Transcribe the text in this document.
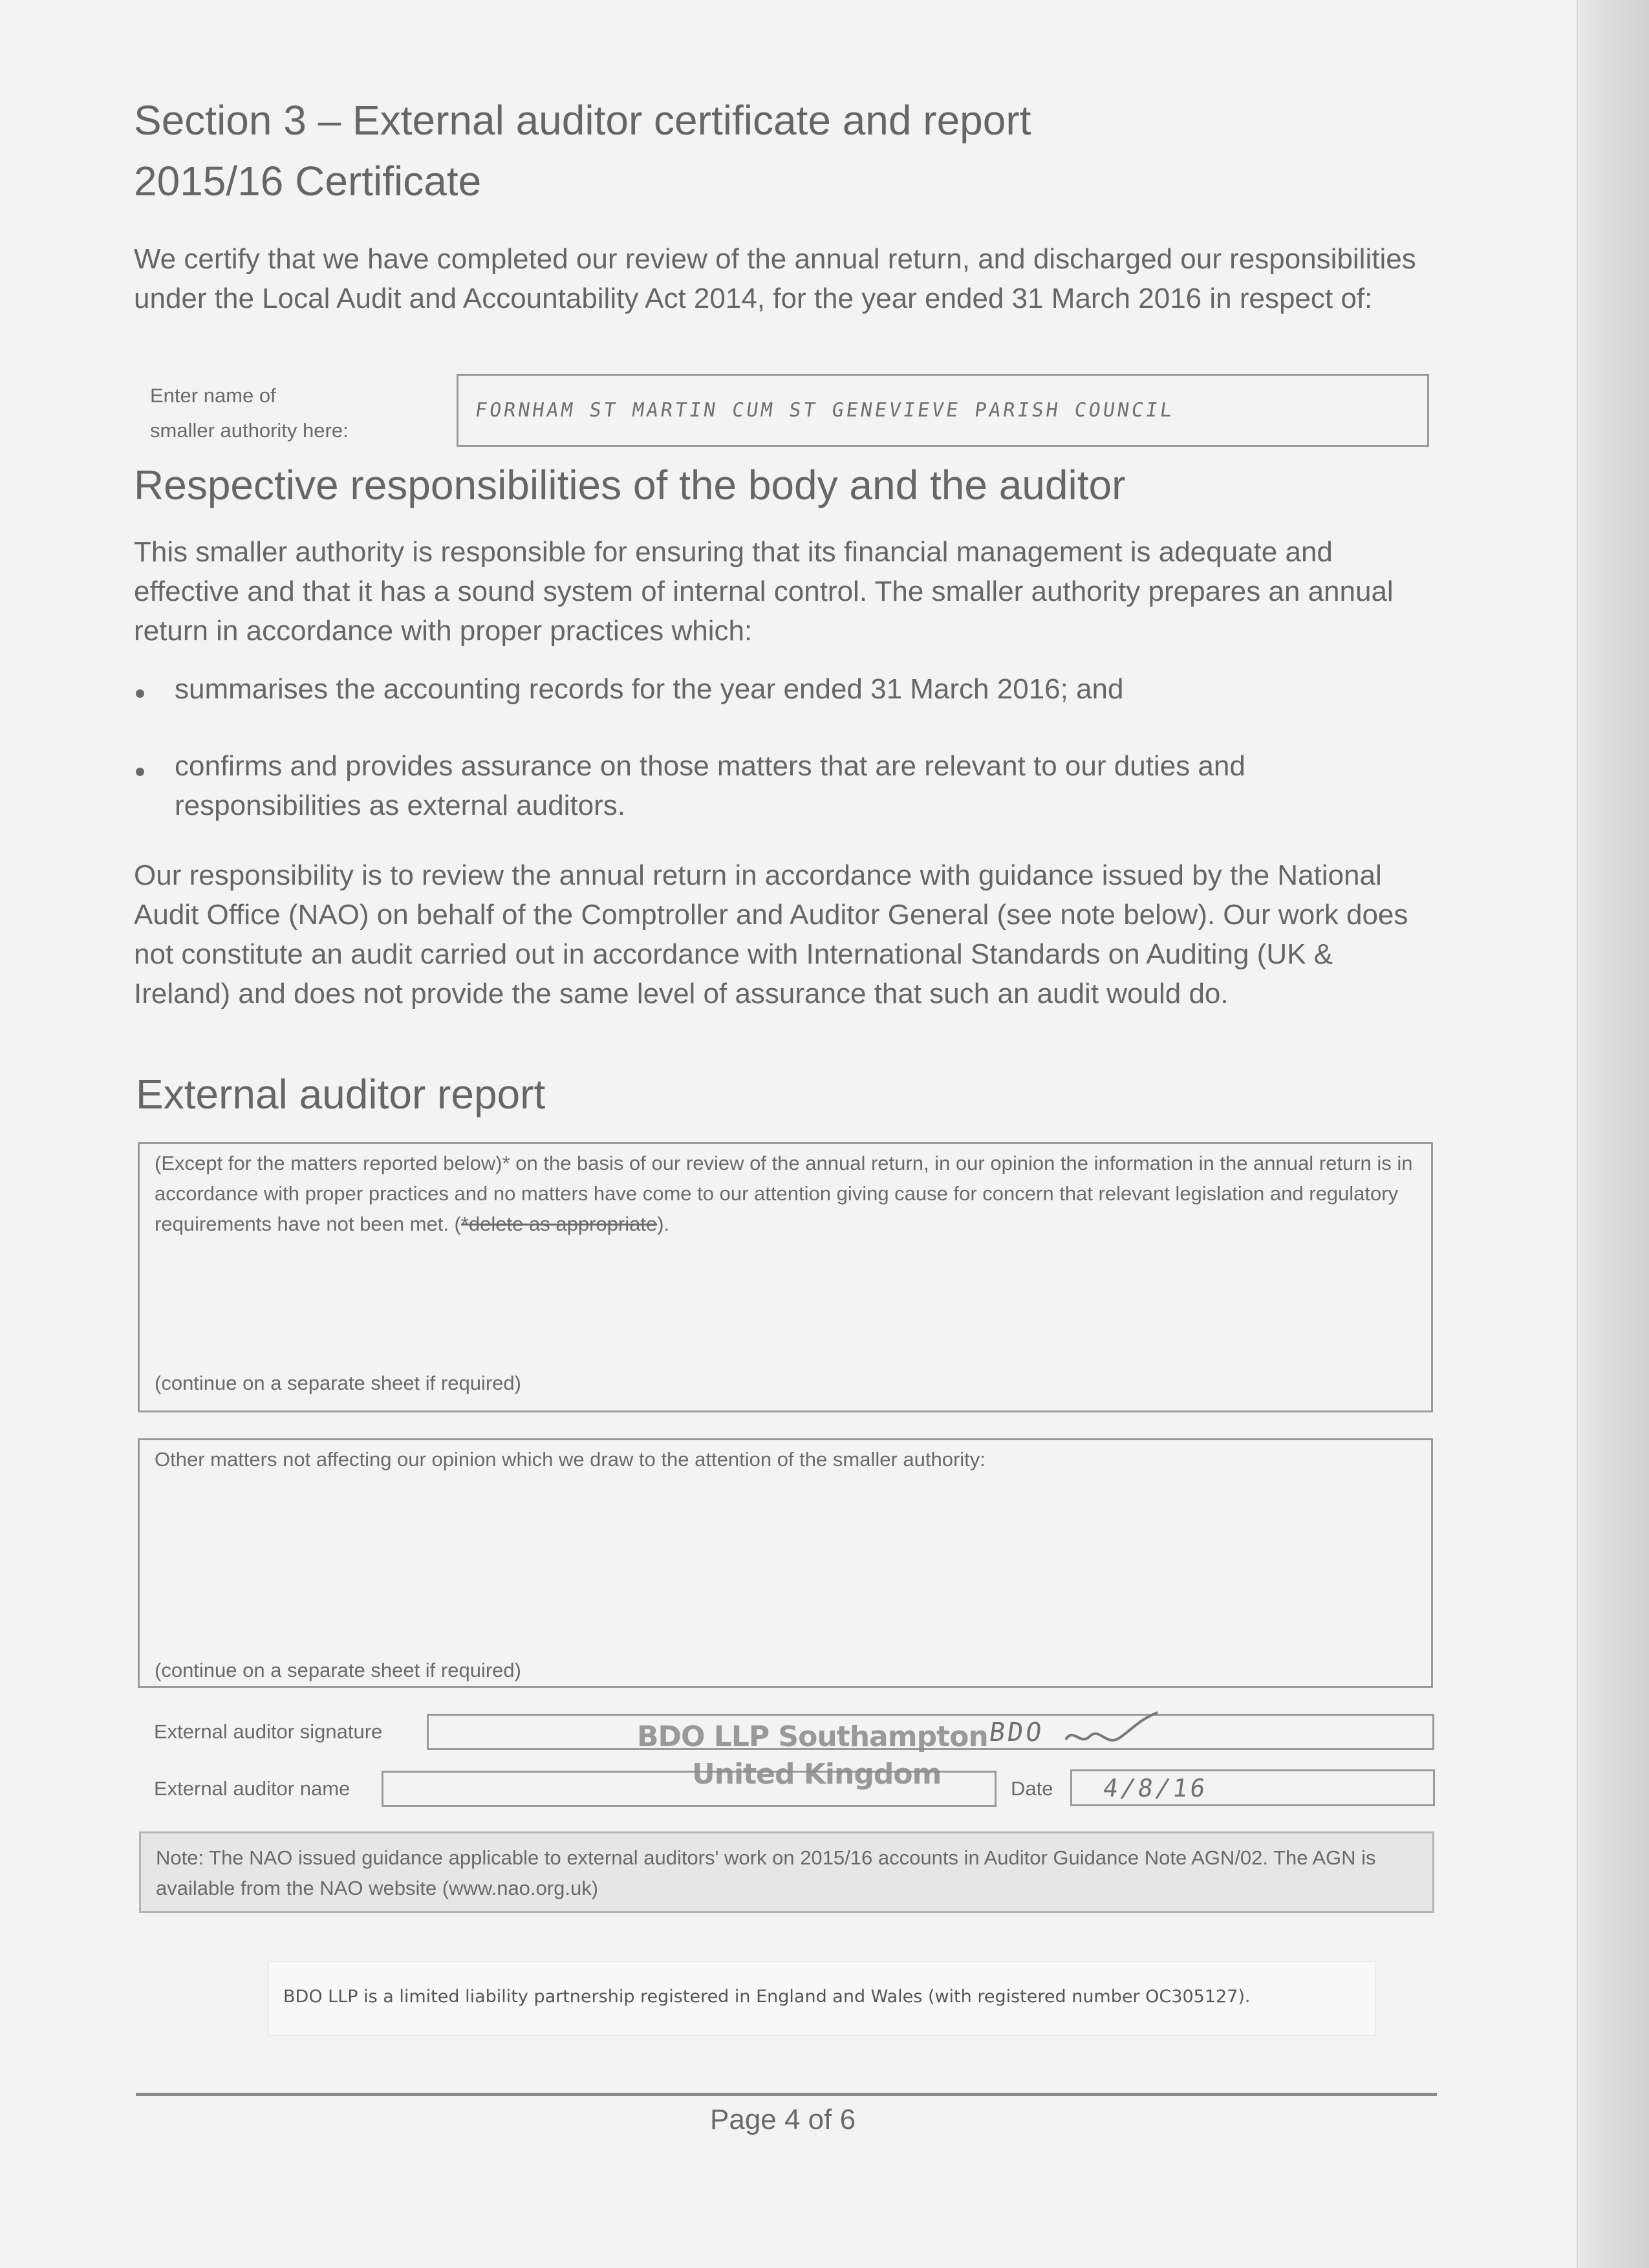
Section 3 – External auditor certificate and report
2015/16 Certificate
We certify that we have completed our review of the annual return, and discharged our responsibilities under the Local Audit and Accountability Act 2014, for the year ended 31 March 2016 in respect of:
Enter name of
smaller authority here:
FORNHAM ST MARTIN CUM ST GENEVIEVE PARISH COUNCIL
Respective responsibilities of the body and the auditor
This smaller authority is responsible for ensuring that its financial management is adequate and effective and that it has a sound system of internal control. The smaller authority prepares an annual return in accordance with proper practices which:
summarises the accounting records for the year ended 31 March 2016; and
confirms and provides assurance on those matters that are relevant to our duties and responsibilities as external auditors.
Our responsibility is to review the annual return in accordance with guidance issued by the National Audit Office (NAO) on behalf of the Comptroller and Auditor General (see note below). Our work does not constitute an audit carried out in accordance with International Standards on Auditing (UK & Ireland) and does not provide the same level of assurance that such an audit would do.
External auditor report
(Except for the matters reported below)* on the basis of our review of the annual return, in our opinion the information in the annual return is in accordance with proper practices and no matters have come to our attention giving cause for concern that relevant legislation and regulatory requirements have not been met. (*delete as appropriate).
(continue on a separate sheet if required)
Other matters not affecting our opinion which we draw to the attention of the smaller authority:
(continue on a separate sheet if required)
External auditor signature
External auditor name	Date 4/8/16
BDO LLP Southampton
United Kingdom
BDO
Note: The NAO issued guidance applicable to external auditors' work on 2015/16 accounts in Auditor Guidance Note AGN/02. The AGN is available from the NAO website (www.nao.org.uk)
BDO LLP is a limited liability partnership registered in England and Wales (with registered number OC305127).
Page 4 of 6
